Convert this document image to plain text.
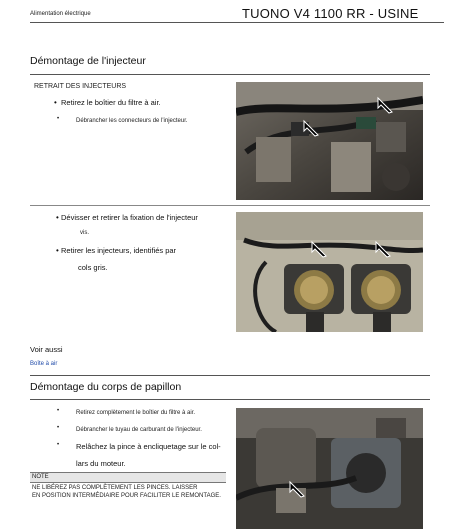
Alimentation électrique	TUONO V4 1100 RR - USINE
Démontage de l'injecteur
RETRAIT DES INJECTEURS
• Retirez le boîtier du filtre à air.
•	Débrancher les connecteurs de l'injecteur.
• Dévisser et retirer la fixation de l'injecteur
vis.
• Retirer les injecteurs, identifiés par
cols gris.
Voir aussi
Boîte à air
Démontage du corps de papillon
•	Retirez complètement le boîtier du filtre à air.
•	Débrancher le tuyau de carburant de l'injecteur.
• Relâchez la pince à encliquetage sur le col-
lars du moteur.
NOTE
NE LIBÉREZ PAS COMPLÈTEMENT LES PINCES. LAISSER
EN POSITION INTERMÉDIAIRE POUR FACILITER LE REMONTAGE.
